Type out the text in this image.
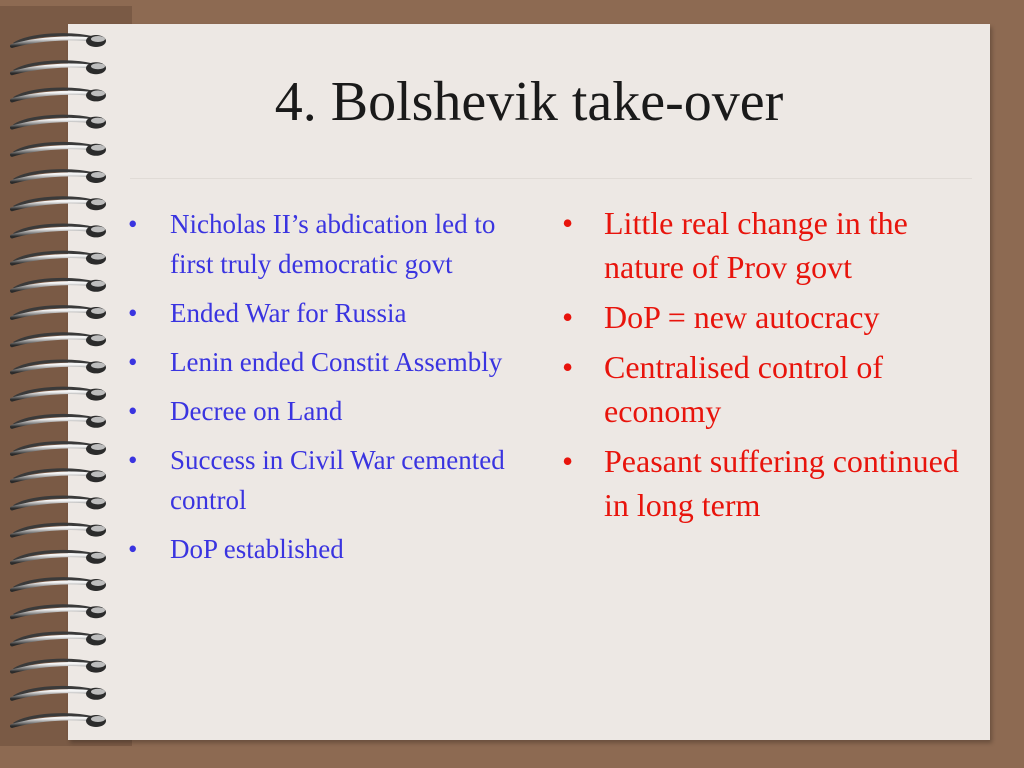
4. Bolshevik take-over
• Nicholas II’s abdication led to first truly democratic govt
• Ended War for Russia
• Lenin ended Constit Assembly
• Decree on Land
• Success in Civil War cemented control
• DoP established
• Little real change in the nature of Prov govt
• DoP = new autocracy
• Centralised control of economy
• Peasant suffering continued in long term
